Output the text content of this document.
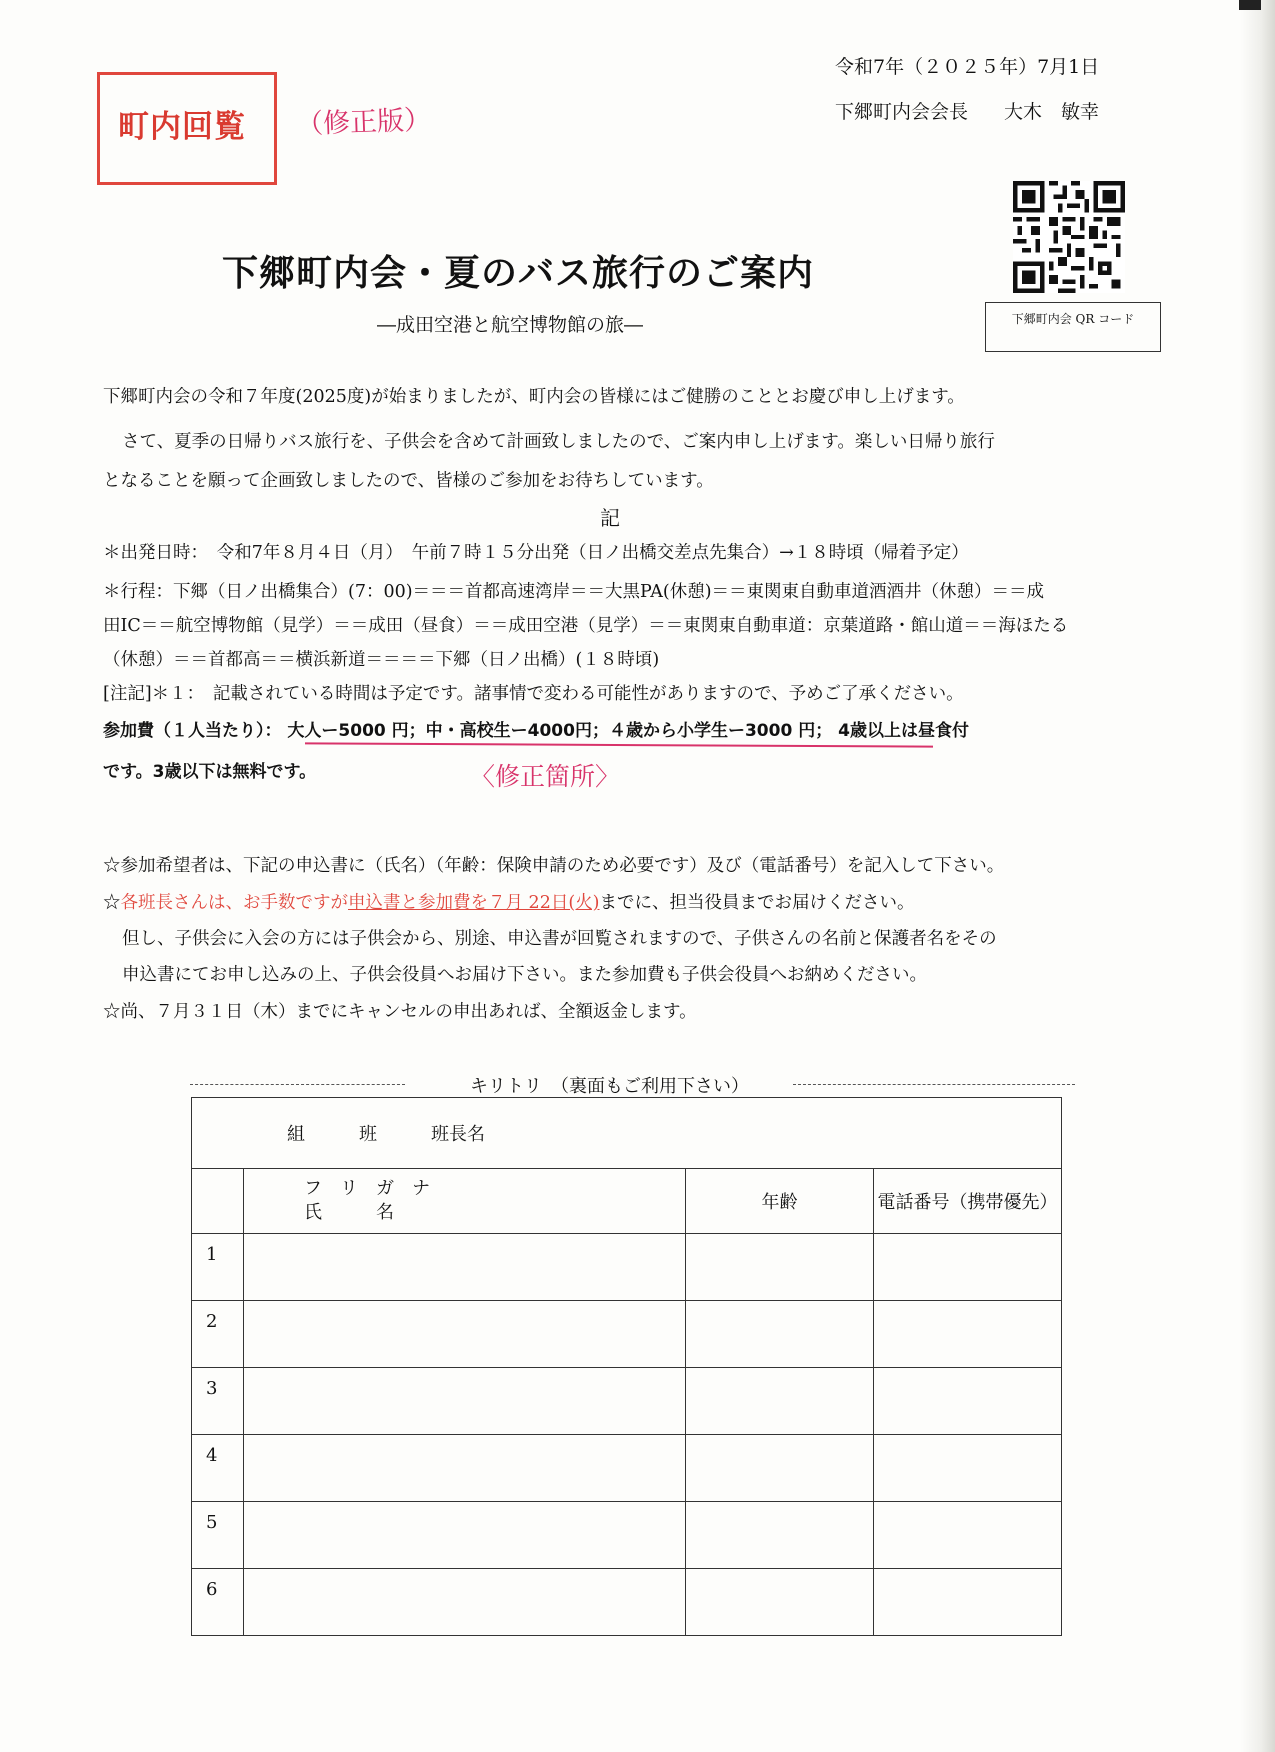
町内回覧 （修正版）
令和7年（２０２５年）7月1日
下郷町内会会長 大木　敏幸
下郷町内会 QR コード
下郷町内会・夏のバス旅行のご案内
―成田空港と航空博物館の旅―
下郷町内会の令和７年度(2025度)が始まりましたが、町内会の皆様にはご健勝のこととお慶び申し上げます。
さて、夏季の日帰りバス旅行を、子供会を含めて計画致しましたので、ご案内申し上げます。楽しい日帰り旅行
となることを願って企画致しましたので、皆様のご参加をお待ちしています。
記
＊出発日時：　令和7年８月４日（月）　午前７時１５分出発（日ノ出橋交差点先集合）→１８時頃（帰着予定）
＊行程：下郷（日ノ出橋集合）(7：00)＝＝＝首都高速湾岸＝＝大黒PA(休憩)＝＝東関東自動車道酒酒井（休憩）＝＝成
田IC＝＝航空博物館（見学）＝＝成田（昼食）＝＝成田空港（見学）＝＝東関東自動車道：京葉道路・館山道＝＝海ほたる
（休憩）＝＝首都高＝＝横浜新道＝＝＝＝下郷（日ノ出橋）(１８時頃)
[注記]＊１：　記載されている時間は予定です。諸事情で変わる可能性がありますので、予めご了承ください。
参加費（１人当たり）： 大人ー5000 円；中・高校生ー4000円；４歳から小学生ー3000 円； 4歳以上は昼食付
です。3歳以下は無料です。	〈修正箇所〉
☆参加希望者は、下記の申込書に（氏名）（年齢：保険申請のため必要です）及び（電話番号）を記入して下さい。
☆各班長さんは、お手数ですが申込書と参加費を７月 22日(火)までに、担当役員までお届けください。
但し、子供会に入会の方には子供会から、別途、申込書が回覧されますので、子供さんの名前と保護者名をその
申込書にてお申し込みの上、子供会役員へお届け下さい。また参加費も子供会役員へお納めください。
☆尚、７月３１日（木）までにキャンセルの申出あれば、全額返金します。
キリトリ　（裏面もご利用下さい）
組　　　班　　　班長名			

	フ　リ　ガ　ナ
氏　　　名	年齢	電話番号（携帯優先）
1			
2			
3			
4			
5			
6			
